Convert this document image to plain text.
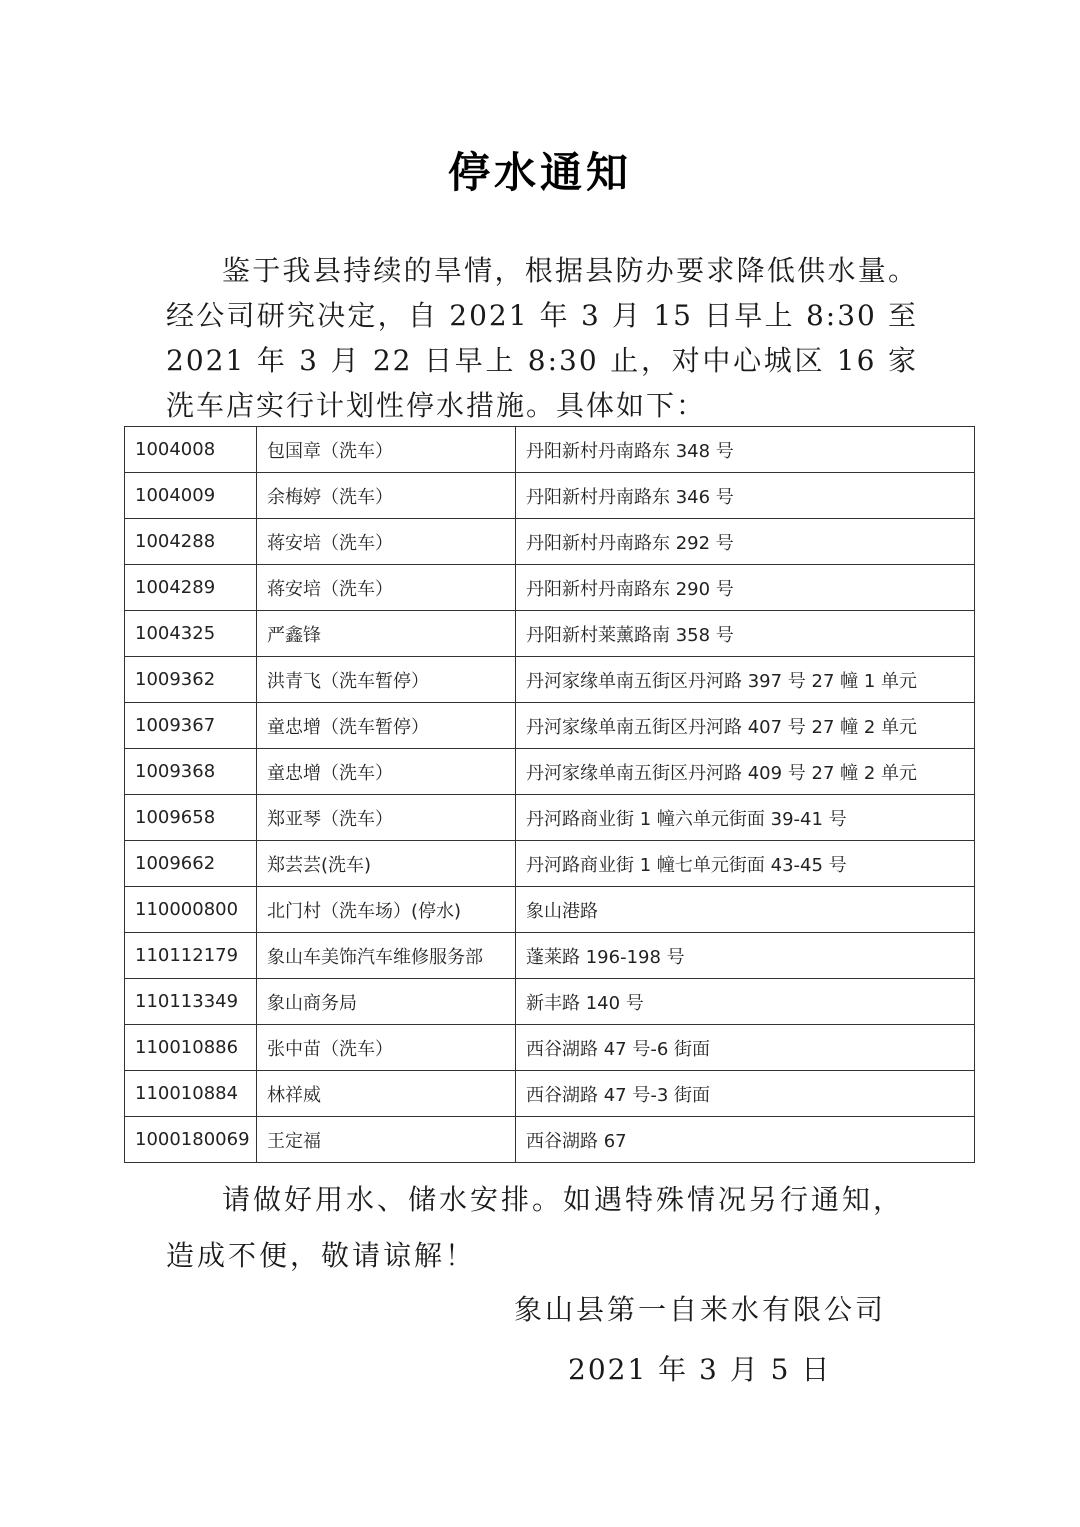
停水通知

鉴于我县持续的旱情，根据县防办要求降低供水量。经公司研究决定，自 2021 年 3 月 15 日早上 8:30 至 2021 年 3 月 22 日早上 8:30 止，对中心城区 16 家洗车店实行计划性停水措施。具体如下：

1004008	包国章（洗车）	丹阳新村丹南路东 348 号
1004009	余梅婷（洗车）	丹阳新村丹南路东 346 号
1004288	蒋安培（洗车）	丹阳新村丹南路东 292 号
1004289	蒋安培（洗车）	丹阳新村丹南路东 290 号
1004325	严鑫锋	丹阳新村莱薰路南 358 号
1009362	洪青飞（洗车暂停）	丹河家缘单南五街区丹河路 397 号 27 幢 1 单元
1009367	童忠增（洗车暂停）	丹河家缘单南五街区丹河路 407 号 27 幢 2 单元
1009368	童忠增（洗车）	丹河家缘单南五街区丹河路 409 号 27 幢 2 单元
1009658	郑亚琴（洗车）	丹河路商业街 1 幢六单元街面 39-41 号
1009662	郑芸芸(洗车)	丹河路商业街 1 幢七单元街面 43-45 号
110000800	北门村（洗车场）(停水)	象山港路
110112179	象山车美饰汽车维修服务部	蓬莱路 196-198 号
110113349	象山商务局	新丰路 140 号
110010886	张中苗（洗车）	西谷湖路 47 号-6 街面
110010884	林祥威	西谷湖路 47 号-3 街面
1000180069	王定福	西谷湖路 67

请做好用水、储水安排。如遇特殊情况另行通知，造成不便，敬请谅解！

象山县第一自来水有限公司
2021 年 3 月 5 日
